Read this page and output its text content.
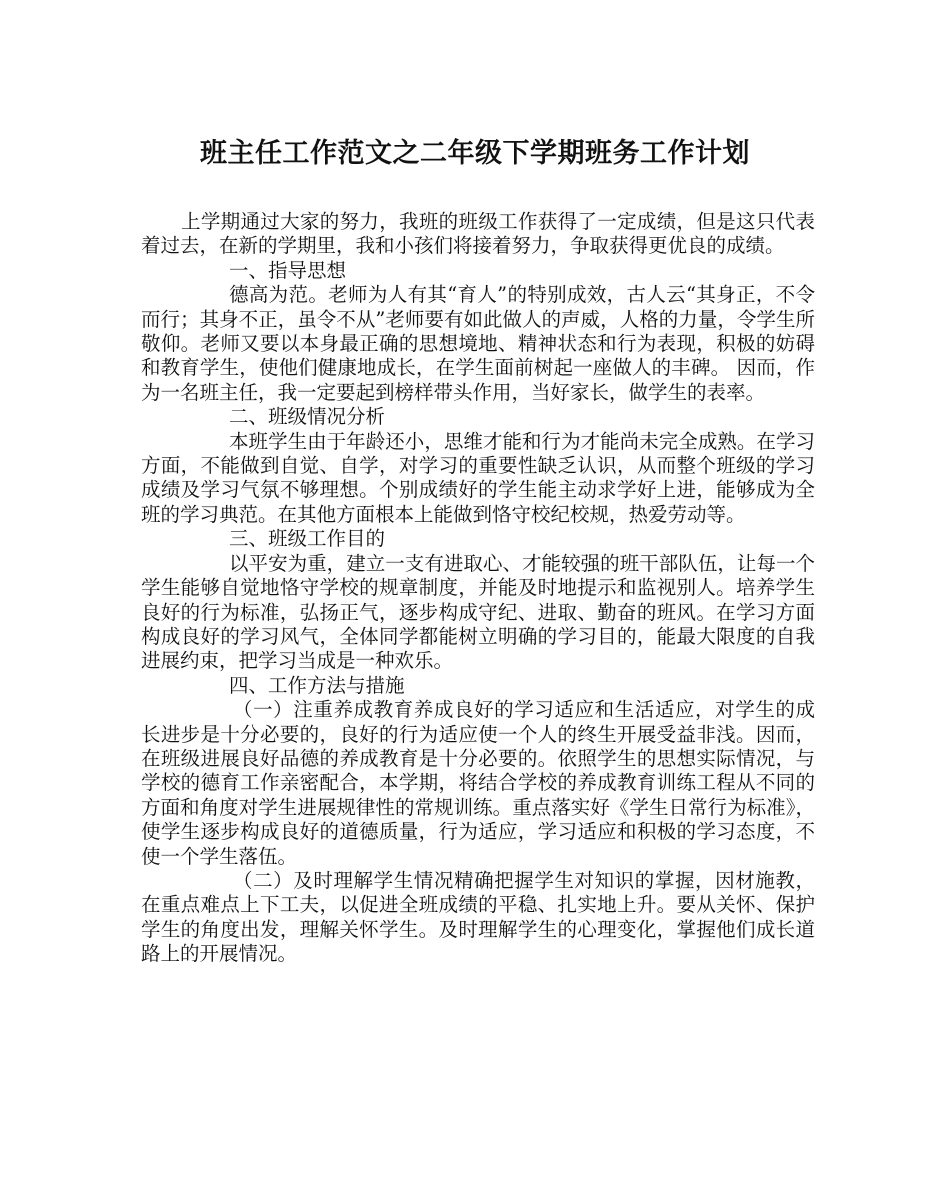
班主任工作范文之二年级下学期班务工作计划

上学期通过大家的努力，我班的班级工作获得了一定成绩，但是这只代表着过去，在新的学期里，我和小孩们将接着努力，争取获得更优良的成绩。

一、指导思想

德高为范。老师为人有其“育人”的特别成效，古人云“其身正，不令而行；其身不正，虽令不从”老师要有如此做人的声威，人格的力量，令学生所敬仰。老师又要以本身最正确的思想境地、精神状态和行为表现，积极的妨碍和教育学生，使他们健康地成长，在学生面前树起一座做人的丰碑。 因而，作为一名班主任，我一定要起到榜样带头作用，当好家长，做学生的表率。

二、班级情况分析

本班学生由于年龄还小，思维才能和行为才能尚未完全成熟。在学习方面，不能做到自觉、自学，对学习的重要性缺乏认识，从而整个班级的学习成绩及学习气氛不够理想。个别成绩好的学生能主动求学好上进，能够成为全班的学习典范。在其他方面根本上能做到恪守校纪校规，热爱劳动等。

三、班级工作目的

以平安为重，建立一支有进取心、才能较强的班干部队伍，让每一个学生能够自觉地恪守学校的规章制度，并能及时地提示和监视别人。培养学生良好的行为标准，弘扬正气，逐步构成守纪、进取、勤奋的班风。在学习方面构成良好的学习风气，全体同学都能树立明确的学习目的，能最大限度的自我进展约束，把学习当成是一种欢乐。

四、工作方法与措施

（一）注重养成教育养成良好的学习适应和生活适应，对学生的成长进步是十分必要的，良好的行为适应使一个人的终生开展受益非浅。因而，在班级进展良好品德的养成教育是十分必要的。依照学生的思想实际情况，与学校的德育工作亲密配合，本学期，将结合学校的养成教育训练工程从不同的方面和角度对学生进展规律性的常规训练。重点落实好《学生日常行为标准》，使学生逐步构成良好的道德质量，行为适应，学习适应和积极的学习态度，不使一个学生落伍。

（二）及时理解学生情况精确把握学生对知识的掌握，因材施教，在重点难点上下工夫，以促进全班成绩的平稳、扎实地上升。要从关怀、保护学生的角度出发，理解关怀学生。及时理解学生的心理变化，掌握他们成长道路上的开展情况。
